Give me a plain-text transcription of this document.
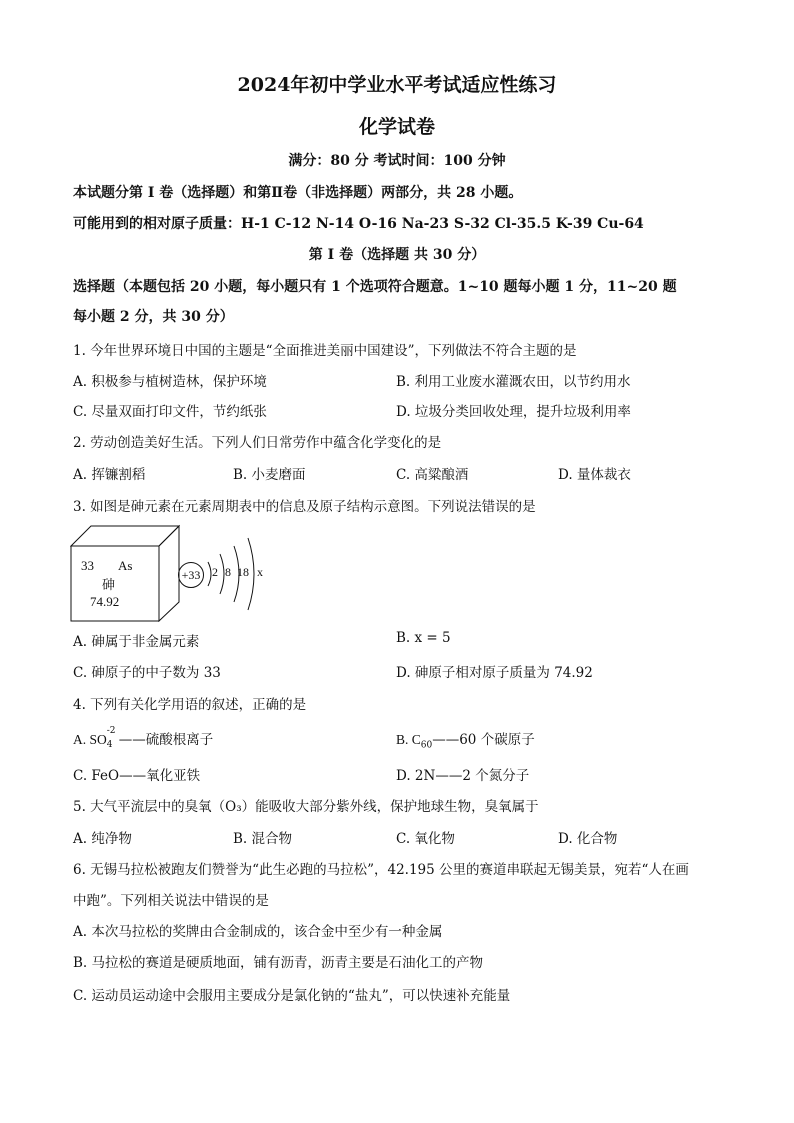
2024年初中学业水平考试适应性练习
化学试卷
满分：80 分 考试时间：100 分钟
本试题分第 I 卷（选择题）和第Ⅱ卷（非选择题）两部分，共 28 小题。
可能用到的相对原子质量：H-1 C-12 N-14 O-16 Na-23 S-32 Cl-35.5 K-39 Cu-64
第 I 卷（选择题 共 30 分）
选择题（本题包括 20 小题，每小题只有 1 个选项符合题意。1~10 题每小题 1 分，11~20 题
每小题 2 分，共 30 分）
1. 今年世界环境日中国的主题是“全面推进美丽中国建设”，下列做法不符合主题的是
A. 积极参与植树造林，保护环境	B. 利用工业废水灌溉农田，以节约用水
C. 尽量双面打印文件，节约纸张	D. 垃圾分类回收处理，提升垃圾利用率
2. 劳动创造美好生活。下列人们日常劳作中蕴含化学变化的是
A. 挥镰割稻	B. 小麦磨面	C. 高粱酿酒	D. 量体裁衣
3. 如图是砷元素在元素周期表中的信息及原子结构示意图。下列说法错误的是
33 As
砷
74.92
+33 2 8 18 x
A. 砷属于非金属元素	B. x = 5
C. 砷原子的中子数为 33	D. 砷原子相对原子质量为 74.92
4. 下列有关化学用语的叙述，正确的是
A. SO
-2
4 ——硫酸根离子	B. $C_{60}——60$ 个碳原子
C. FeO——氧化亚铁	D. 2N——2 个氮分子
5. 大气平流层中的臭氧（O₃）能吸收大部分紫外线，保护地球生物，臭氧属于
A. 纯净物	B. 混合物	C. 氧化物	D. 化合物
6. 无锡马拉松被跑友们赞誉为“此生必跑的马拉松”，42.195 公里的赛道串联起无锡美景，宛若“人在画
中跑”。下列相关说法中错误的是
A. 本次马拉松的奖牌由合金制成的，该合金中至少有一种金属
B. 马拉松的赛道是硬质地面，铺有沥青，沥青主要是石油化工的产物
C. 运动员运动途中会服用主要成分是氯化钠的“盐丸”，可以快速补充能量
